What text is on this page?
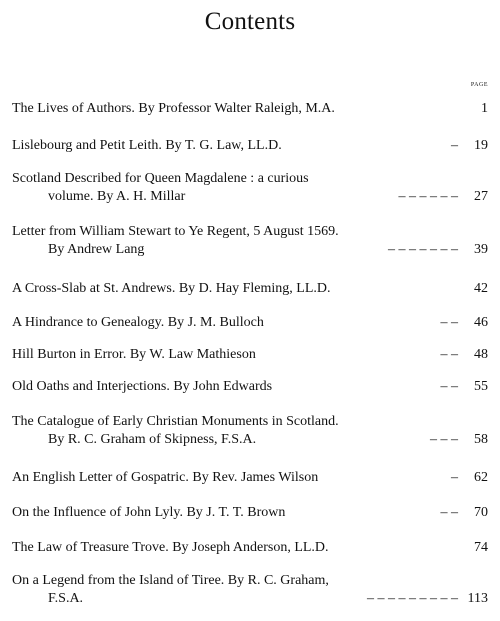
Contents
PAGE
The Lives of Authors. By Professor Walter Raleigh, M.A.	1
Lislebourg and Petit Leith. By T. G. Law, LL.D.	– 19
Scotland Described for Queen Magdalene : a curious
volume. By A. H. Millar	– – – – – – 27
Letter from William Stewart to Ye Regent, 5 August 1569.
By Andrew Lang	– – – – – – – 39
A Cross-Slab at St. Andrews. By D. Hay Fleming, LL.D.	42
A Hindrance to Genealogy. By J. M. Bulloch	– – 46
Hill Burton in Error. By W. Law Mathieson	– – 48
Old Oaths and Interjections. By John Edwards	– – 55
The Catalogue of Early Christian Monuments in Scotland.
By R. C. Graham of Skipness, F.S.A.	– – – 58
An English Letter of Gospatric. By Rev. James Wilson	– 62
On the Influence of John Lyly. By J. T. T. Brown	– – 70
The Law of Treasure Trove. By Joseph Anderson, LL.D.	74
On a Legend from the Island of Tiree. By R. C. Graham,
F.S.A.	– – – – – – – – – 113
